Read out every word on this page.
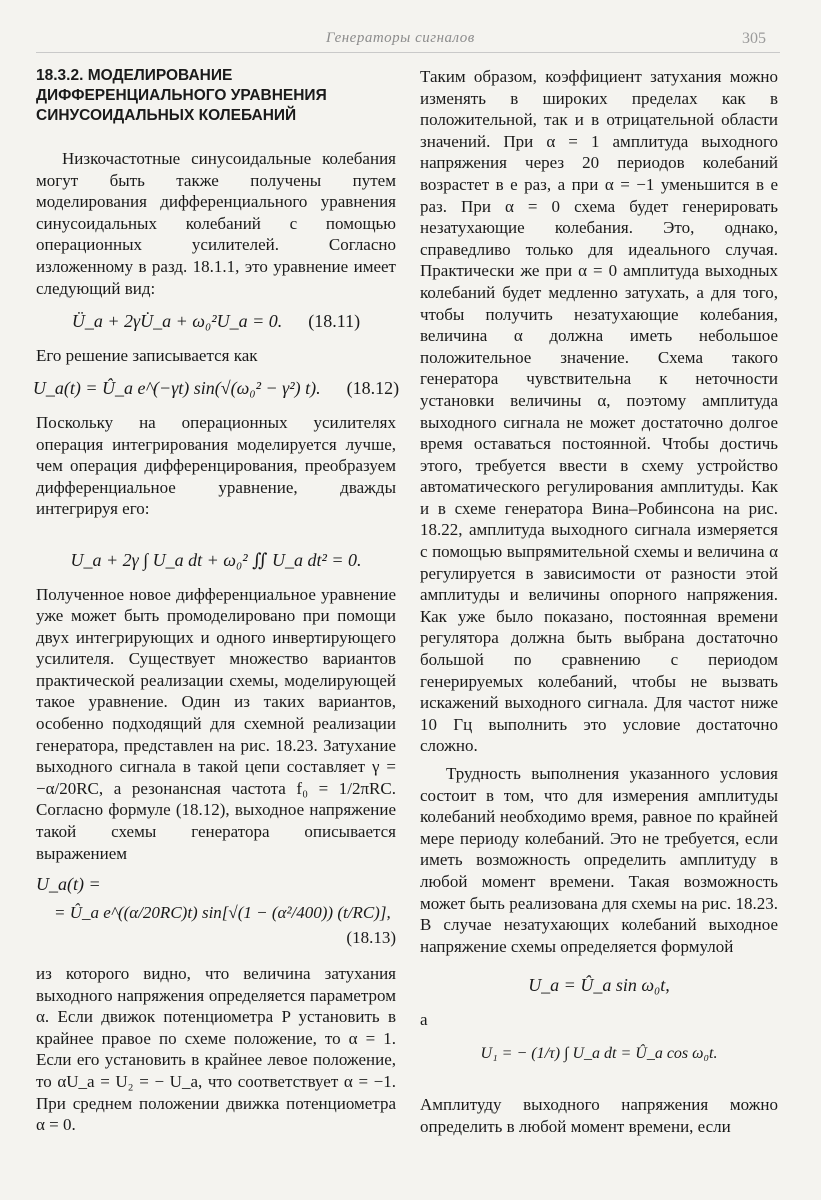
Генераторы сигналов	305
18.3.2. МОДЕЛИРОВАНИЕ ДИФФЕРЕНЦИАЛЬНОГО УРАВНЕНИЯ СИНУСОИДАЛЬНЫХ КОЛЕБАНИЙ

Низкочастотные синусоидальные колебания могут быть также получены путем моделирования дифференциального уравнения синусоидальных колебаний с помощью операционных усилителей. Согласно изложенному в разд. 18.1.1, это уравнение имеет следующий вид:

Ü_a + 2γU̇_a + ω₀²U_a = 0. (18.11)

Его решение записывается как

U_a(t) = Û_a e^(−γt) sin(√(ω₀² − γ²) t). (18.12)

Поскольку на операционных усилителях операция интегрирования моделируется лучше, чем операция дифференцирования, преобразуем дифференциальное уравнение, дважды интегрируя его:

U_a + 2γ ∫ U_a dt + ω₀² ∬ U_a dt² = 0.

Полученное новое дифференциальное уравнение уже может быть промоделировано при помощи двух интегрирующих и одного инвертирующего усилителя. Существует множество вариантов практической реализации схемы, моделирующей такое уравнение. Один из таких вариантов, особенно подходящий для схемной реализации генератора, представлен на рис. 18.23. Затухание выходного сигнала в такой цепи составляет γ = −α/20RC, а резонансная частота f₀ = 1/2πRC. Согласно формуле (18.12), выходное напряжение такой схемы генератора описывается выражением

U_a(t) =
= Û_a e^((α/20RC)t) sin[√(1 − (α²/400)) (t/RC)],
(18.13)

из которого видно, что величина затухания выходного напряжения определяется параметром α. Если движок потенциометра P установить в крайнее правое по схеме положение, то α = 1. Если его установить в крайнее левое положение, то αU_a = U₂ = − U_a, что соответствует α = −1. При среднем положении движка потенциометра α = 0.

Таким образом, коэффициент затухания можно изменять в широких пределах как в положительной, так и в отрицательной области значений. При α = 1 амплитуда выходного напряжения через 20 периодов колебаний возрастет в e раз, а при α = −1 уменьшится в e раз. При α = 0 схема будет генерировать незатухающие колебания. Это, однако, справедливо только для идеального случая. Практически же при α = 0 амплитуда выходных колебаний будет медленно затухать, а для того, чтобы получить незатухающие колебания, величина α должна иметь небольшое положительное значение. Схема такого генератора чувствительна к неточности установки величины α, поэтому амплитуда выходного сигнала не может достаточно долгое время оставаться постоянной. Чтобы достичь этого, требуется ввести в схему устройство автоматического регулирования амплитуды. Как и в схеме генератора Вина–Робинсона на рис. 18.22, амплитуда выходного сигнала измеряется с помощью выпрямительной схемы и величина α регулируется в зависимости от разности этой амплитуды и величины опорного напряжения. Как уже было показано, постоянная времени регулятора должна быть выбрана достаточно большой по сравнению с периодом генерируемых колебаний, чтобы не вызвать искажений выходного сигнала. Для частот ниже 10 Гц выполнить это условие достаточно сложно.

Трудность выполнения указанного условия состоит в том, что для измерения амплитуды колебаний необходимо время, равное по крайней мере периоду колебаний. Это не требуется, если иметь возможность определить амплитуду в любой момент времени. Такая возможность может быть реализована для схемы на рис. 18.23. В случае незатухающих колебаний выходное напряжение схемы определяется формулой

U_a = Û_a sin ω₀t,
а
U₁ = − (1/τ) ∫ U_a dt = Û_a cos ω₀t.

Амплитуду выходного напряжения можно определить в любой момент времени, если
